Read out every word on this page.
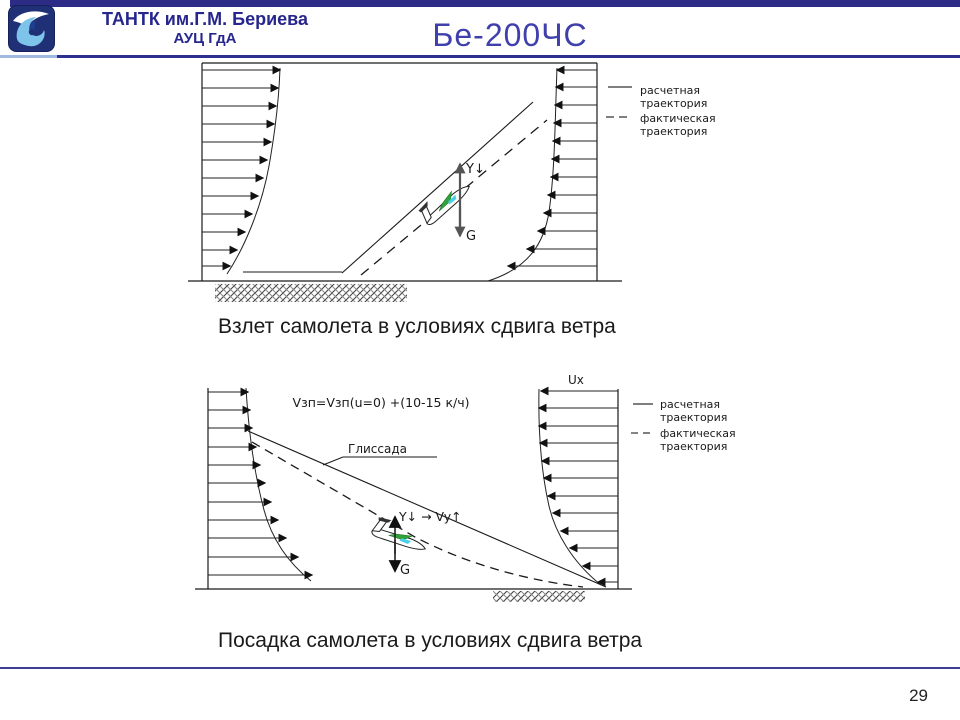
ТАНТК им.Г.М. Бериева
АУЦ ГдА	Бе-200ЧС
Y↓
G
расчетная
траектория
фактическая
траектория
Взлет самолета в условиях сдвига ветра
Vзп=Vзп(u=0) +(10-15 к/ч)
Ux
Глиссада
Y↓ → Vy↑
G
расчетная
траектория
фактическая
траектория
Посадка самолета в условиях сдвига ветра
29
